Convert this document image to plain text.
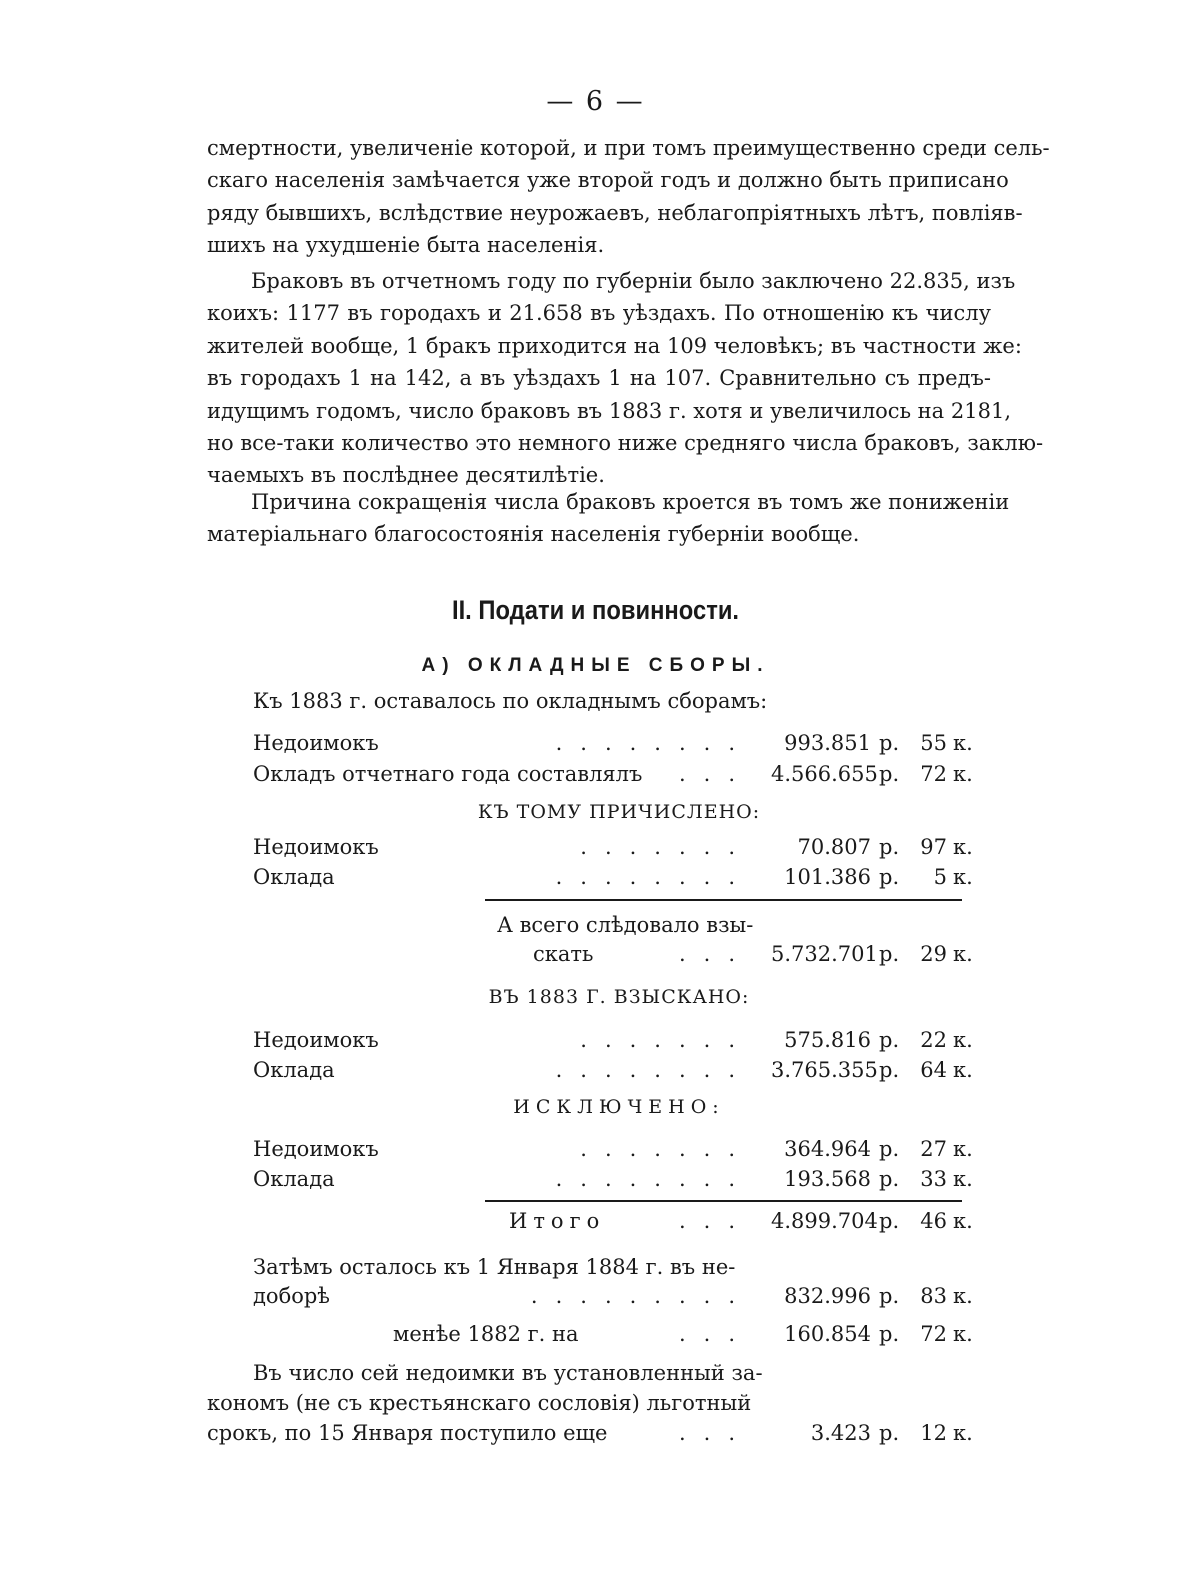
— 6 —
смертности, увеличенiе которой, и при томъ преимущественно среди сель-
скаго населенiя замѣчается уже второй годъ и должно быть приписано
ряду бывшихъ, вслѣдствие неурожаевъ, неблагопрiятныхъ лѣтъ, повлiяв-
шихъ на ухудшенiе быта населенiя.
Браковъ въ отчетномъ году по губернiи было заключено 22.835, изъ
коихъ: 1177 въ городахъ и 21.658 въ уѣздахъ. По отношенiю къ числу
жителей вообще, 1 бракъ приходится на 109 человѣкъ; въ частности же:
въ городахъ 1 на 142, а въ уѣздахъ 1 на 107. Сравнительно съ предъ-
идущимъ годомъ, число браковъ въ 1883 г. хотя и увеличилось на 2181,
но все-таки количество это немного ниже средняго числа браковъ, заклю-
чаемыхъ въ послѣднее десятилѣтiе.
Причина сокращенiя числа браковъ кроется въ томъ же пониженiи
матерiальнаго благосостоянiя населенiя губернiи вообще.
II. Подати и повинности.
А) ОКЛАДНЫЕ СБОРЫ.
Къ 1883 г. оставалось по окладнымъ сборамъ:
Недоимокъ	........	993.851 р.	55 к.
Окладъ отчетнаго года составлялъ ... 4.566.655 р.	72 к.
КЪ ТОМУ ПРИЧИСЛЕНО:
Недоимокъ	.......	70.807 р.	97 к.
Оклада	........	101.386 р.	5 к.
А всего слѣдовало взы-
скать	... 5.732.701 р.	29 к.
ВЪ 1883 Г. ВЗЫСКАНО:
Недоимокъ	.......	575.816 р.	22 к.
Оклада	........ 3.765.355 р.	64 к.
ИСКЛЮЧЕНО:
Недоимокъ	.......	364.964 р.	27 к.
Оклада	........	193.568 р.	33 к.
Итого	... 4.899.704 р.	46 к.
Затѣмъ осталось къ 1 Января 1884 г. въ не-
доборѣ	.........	832.996 р.	83 к.
менѣе 1882 г. на	...	160.854 р.	72 к.
Въ число сей недоимки въ установленный за-
кономъ (не съ крестьянскаго сословiя) льготный
срокъ, по 15 Января поступило еще	...	3.423 р.	12 к.
